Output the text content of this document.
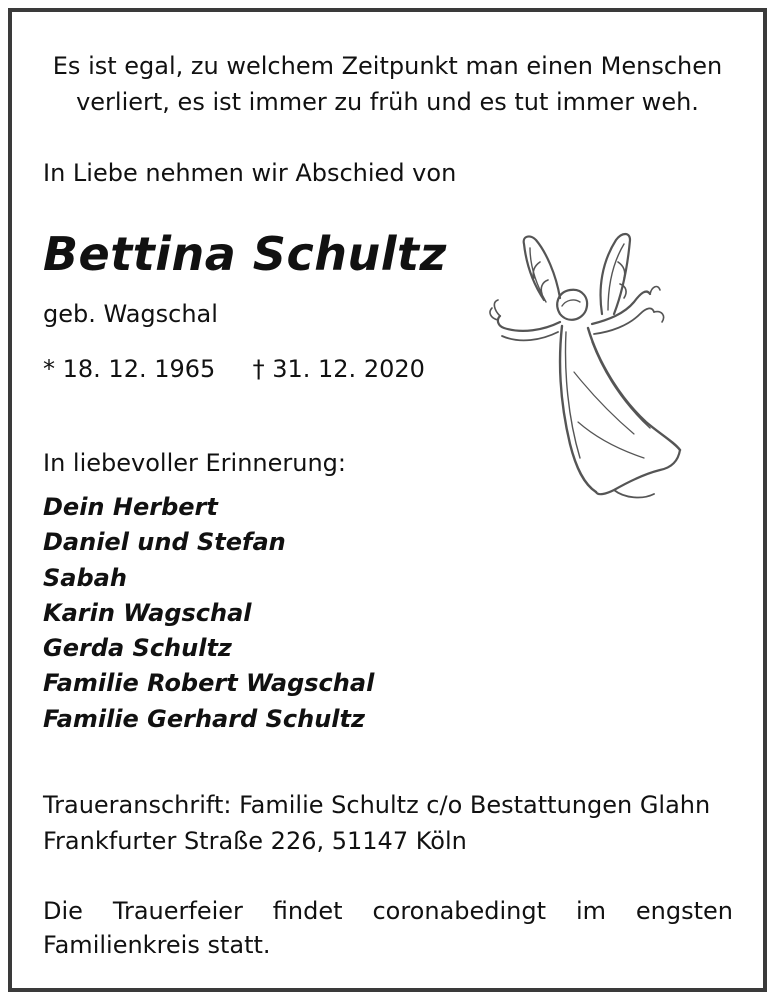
Es ist egal, zu welchem Zeitpunkt man einen Menschen
verliert, es ist immer zu früh und es tut immer weh.

In Liebe nehmen wir Abschied von

Bettina Schultz

geb. Wagschal

* 18. 12. 1965 † 31. 12. 2020

In liebevoller Erinnerung:

Dein Herbert
Daniel und Stefan
Sabah
Karin Wagschal
Gerda Schultz
Familie Robert Wagschal
Familie Gerhard Schultz

Traueranschrift: Familie Schultz c/o Bestattungen Glahn

Frankfurter Straße 226, 51147 Köln

Die Trauerfeier findet coronabedingt im engsten Familienkreis statt.
